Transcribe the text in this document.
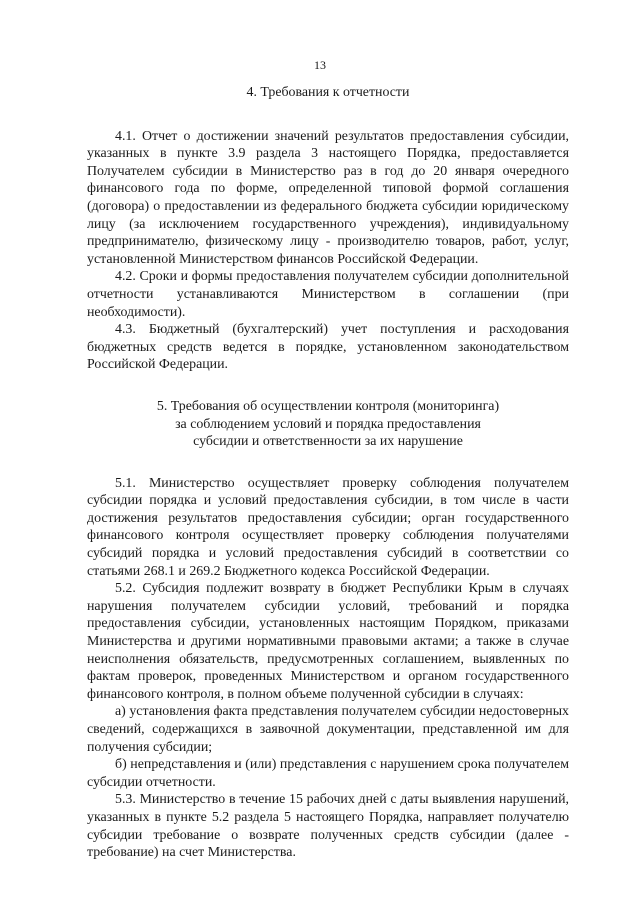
13

4. Требования к отчетности

4.1. Отчет о достижении значений результатов предоставления субсидии, указанных в пункте 3.9 раздела 3 настоящего Порядка, предоставляется Получателем субсидии в Министерство раз в год до 20 января очередного финансового года по форме, определенной типовой формой соглашения (договора) о предоставлении из федерального бюджета субсидии юридическому лицу (за исключением государственного учреждения), индивидуальному предпринимателю, физическому лицу - производителю товаров, работ, услуг, установленной Министерством финансов Российской Федерации.

4.2. Сроки и формы предоставления получателем субсидии дополнительной отчетности устанавливаются Министерством в соглашении (при необходимости).

4.3. Бюджетный (бухгалтерский) учет поступления и расходования бюджетных средств ведется в порядке, установленном законодательством Российской Федерации.

5. Требования об осуществлении контроля (мониторинга)
за соблюдением условий и порядка предоставления
субсидии и ответственности за их нарушение

5.1. Министерство осуществляет проверку соблюдения получателем субсидии порядка и условий предоставления субсидии, в том числе в части достижения результатов предоставления субсидии; орган государственного финансового контроля осуществляет проверку соблюдения получателями субсидий порядка и условий предоставления субсидий в соответствии со статьями 268.1 и 269.2 Бюджетного кодекса Российской Федерации.

5.2. Субсидия подлежит возврату в бюджет Республики Крым в случаях нарушения получателем субсидии условий, требований и порядка предоставления субсидии, установленных настоящим Порядком, приказами Министерства и другими нормативными правовыми актами; а также в случае неисполнения обязательств, предусмотренных соглашением, выявленных по фактам проверок, проведенных Министерством и органом государственного финансового контроля, в полном объеме полученной субсидии в случаях:

а) установления факта представления получателем субсидии недостоверных сведений, содержащихся в заявочной документации, представленной им для получения субсидии;

б) непредставления и (или) представления с нарушением срока получателем субсидии отчетности.

5.3. Министерство в течение 15 рабочих дней с даты выявления нарушений, указанных в пункте 5.2 раздела 5 настоящего Порядка, направляет получателю субсидии требование о возврате полученных средств субсидии (далее - требование) на счет Министерства.
